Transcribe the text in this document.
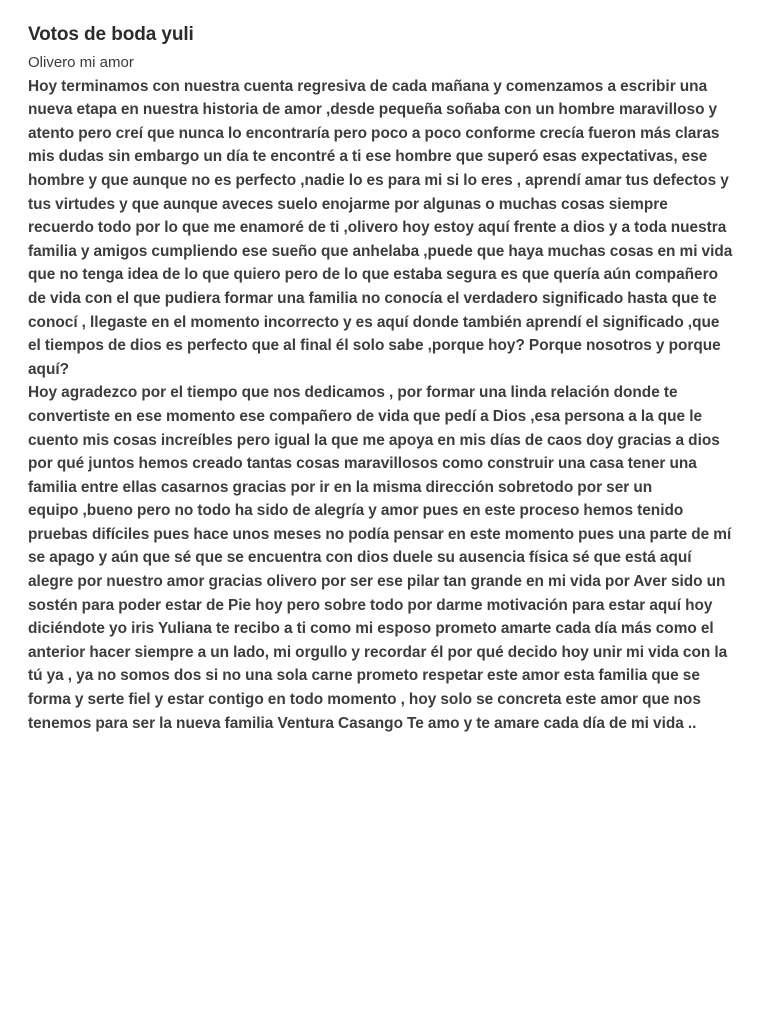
Votos de boda yuli

Olivero mi amor

Hoy terminamos con nuestra cuenta regresiva de cada mañana y comenzamos a escribir una
nueva etapa en nuestra historia de amor ,desde pequeña soñaba con un hombre maravilloso y
atento pero creí que nunca lo encontraría pero poco a poco conforme crecía fueron más claras
mis dudas sin embargo un día te encontré a ti ese hombre que superó esas expectativas, ese
hombre y que aunque no es perfecto ,nadie lo es para mi si lo eres , aprendí amar tus defectos y
tus virtudes y que aunque aveces suelo enojarme por algunas o muchas cosas siempre
recuerdo todo por lo que me enamoré de ti ,olivero hoy estoy aquí frente a dios y a toda nuestra
familia y amigos cumpliendo ese sueño que anhelaba ,puede que haya muchas cosas en mi vida
que no tenga idea de lo que quiero pero de lo que estaba segura es que quería aún compañero
de vida con el que pudiera formar una familia no conocía el verdadero significado hasta que te
conocí , llegaste en el momento incorrecto y es aquí donde también aprendí el significado ,que
el tiempos de dios es perfecto que al final él solo sabe ,porque hoy? Porque nosotros y porque
aquí?

Hoy agradezco por el tiempo que nos dedicamos , por formar una linda relación donde te
convertiste en ese momento ese compañero de vida que pedí a Dios ,esa persona a la que le
cuento mis cosas increíbles pero igual la que me apoya en mis días de caos doy gracias a dios
por qué juntos hemos creado tantas cosas maravillosos como construir una casa tener una
familia entre ellas casarnos gracias por ir en la misma dirección sobretodo por ser un
equipo ,bueno pero no todo ha sido de alegría y amor pues en este proceso hemos tenido
pruebas difíciles pues hace unos meses no podía pensar en este momento pues una parte de mí
se apago y aún que sé que se encuentra con dios duele su ausencia física sé que está aquí
alegre por nuestro amor gracias olivero por ser ese pilar tan grande en mi vida por Aver sido un
sostén para poder estar de Pie hoy pero sobre todo por darme motivación para estar aquí hoy
diciéndote yo iris Yuliana te recibo a ti como mi esposo prometo amarte cada día más como el
anterior hacer siempre a un lado, mi orgullo y recordar él por qué decido hoy unir mi vida con la
tú ya , ya no somos dos si no una sola carne prometo respetar este amor esta familia que se
forma y serte fiel y estar contigo en todo momento , hoy solo se concreta este amor que nos
tenemos para ser la nueva familia Ventura Casango Te amo y te amare cada día de mi vida ..
